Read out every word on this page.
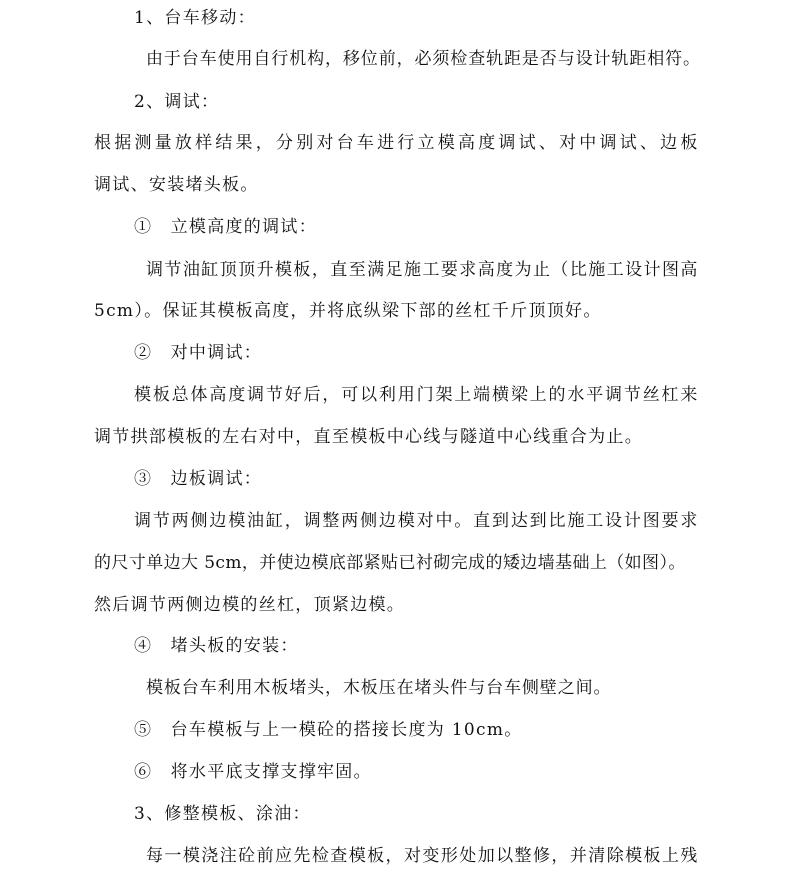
1、台车移动：
由于台车使用自行机构，移位前，必须检查轨距是否与设计轨距相符。
2、调试：
根据测量放样结果，分别对台车进行立模高度调试、对中调试、边板
调试、安装堵头板。
①　立模高度的调试：
调节油缸顶顶升模板，直至满足施工要求高度为止（比施工设计图高
5cm）。保证其模板高度，并将底纵梁下部的丝杠千斤顶顶好。
②　对中调试：
模板总体高度调节好后，可以利用门架上端横梁上的水平调节丝杠来
调节拱部模板的左右对中，直至模板中心线与隧道中心线重合为止。
③　边板调试：
调节两侧边模油缸，调整两侧边模对中。直到达到比施工设计图要求
的尺寸单边大 5cm，并使边模底部紧贴已衬砌完成的矮边墙基础上（如图）。
然后调节两侧边模的丝杠，顶紧边模。
④　堵头板的安装：
模板台车利用木板堵头，木板压在堵头件与台车侧壁之间。
⑤　台车模板与上一模砼的搭接长度为 10cm。
⑥　将水平底支撑支撑牢固。
3、修整模板、涂油：
每一模浇注砼前应先检查模板，对变形处加以整修，并清除模板上残
